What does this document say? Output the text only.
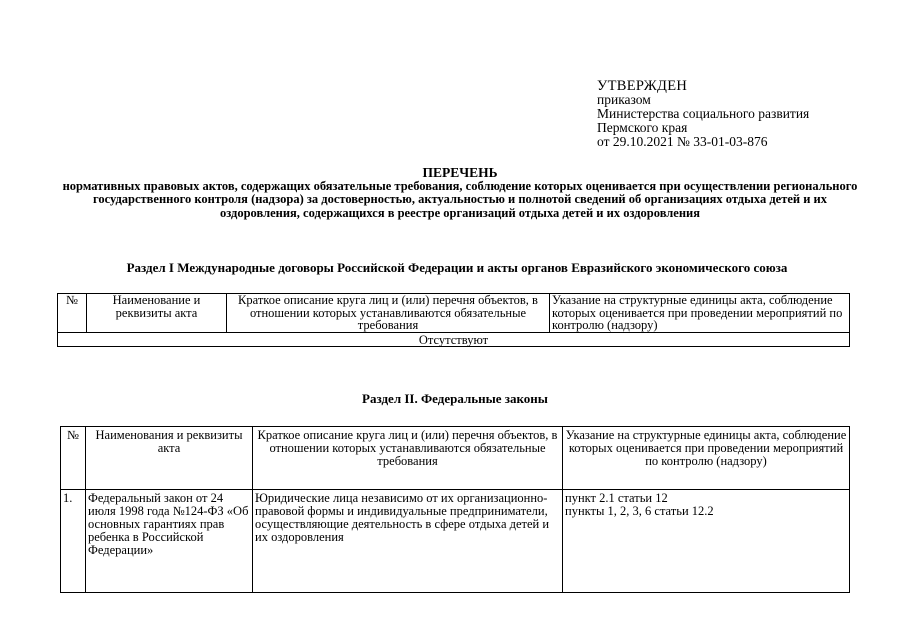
УТВЕРЖДЕН
приказом
Министерства социального развития
Пермского края
от 29.10.2021 № 33-01-03-876
ПЕРЕЧЕНЬ
нормативных правовых актов, содержащих обязательные требования, соблюдение которых оценивается при осуществлении регионального государственного контроля (надзора) за достоверностью, актуальностью и полнотой сведений об организациях отдыха детей и их оздоровления, содержащихся в реестре организаций отдыха детей и их оздоровления
Раздел I Международные договоры Российской Федерации и акты органов Евразийского экономического союза
№	Наименование и реквизиты акта	Краткое описание круга лиц и (или) перечня объектов, в отношении которых устанавливаются обязательные требования	Указание на структурные единицы акта, соблюдение которых оценивается при проведении мероприятий по контролю (надзору)
Отсутствуют
Раздел II. Федеральные законы
№	Наименования и реквизиты акта	Краткое описание круга лиц и (или) перечня объектов, в отношении которых устанавливаются обязательные требования	Указание на структурные единицы акта, соблюдение которых оценивается при проведении мероприятий по контролю (надзору)
1.	Федеральный закон от 24 июля 1998 года №124-ФЗ «Об основных гарантиях прав ребенка в Российской Федерации»	Юридические лица независимо от их организационно-правовой формы и индивидуальные предприниматели, осуществляющие деятельность в сфере отдыха детей и их оздоровления	пункт 2.1 статьи 12
пункты 1, 2, 3, 6 статьи 12.2
